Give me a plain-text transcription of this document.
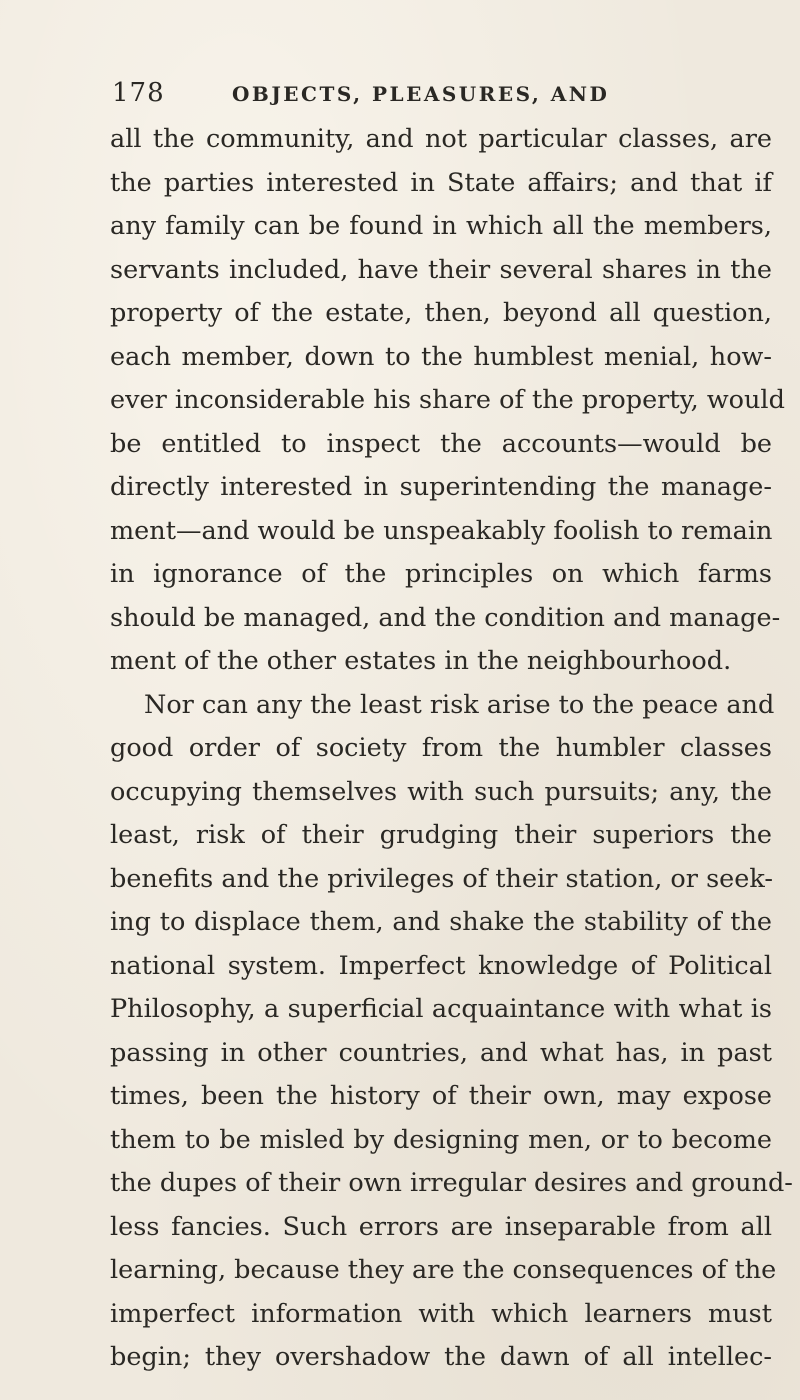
178	OBJECTS, PLEASURES, AND
all the community, and not particular classes, are
the parties interested in State affairs; and that if
any family can be found in which all the members,
servants included, have their several shares in the
property of the estate, then, beyond all question,
each member, down to the humblest menial, how-
ever inconsiderable his share of the property, would
be entitled to inspect the accounts—would be
directly interested in superintending the manage-
ment—and would be unspeakably foolish to remain
in ignorance of the principles on which farms
should be managed, and the condition and manage-
ment of the other estates in the neighbourhood.
Nor can any the least risk arise to the peace and
good order of society from the humbler classes
occupying themselves with such pursuits; any, the
least, risk of their grudging their superiors the
benefits and the privileges of their station, or seek-
ing to displace them, and shake the stability of the
national system. Imperfect knowledge of Political
Philosophy, a superficial acquaintance with what is
passing in other countries, and what has, in past
times, been the history of their own, may expose
them to be misled by designing men, or to become
the dupes of their own irregular desires and ground-
less fancies. Such errors are inseparable from all
learning, because they are the consequences of the
imperfect information with which learners must
begin; they overshadow the dawn of all intellec-
